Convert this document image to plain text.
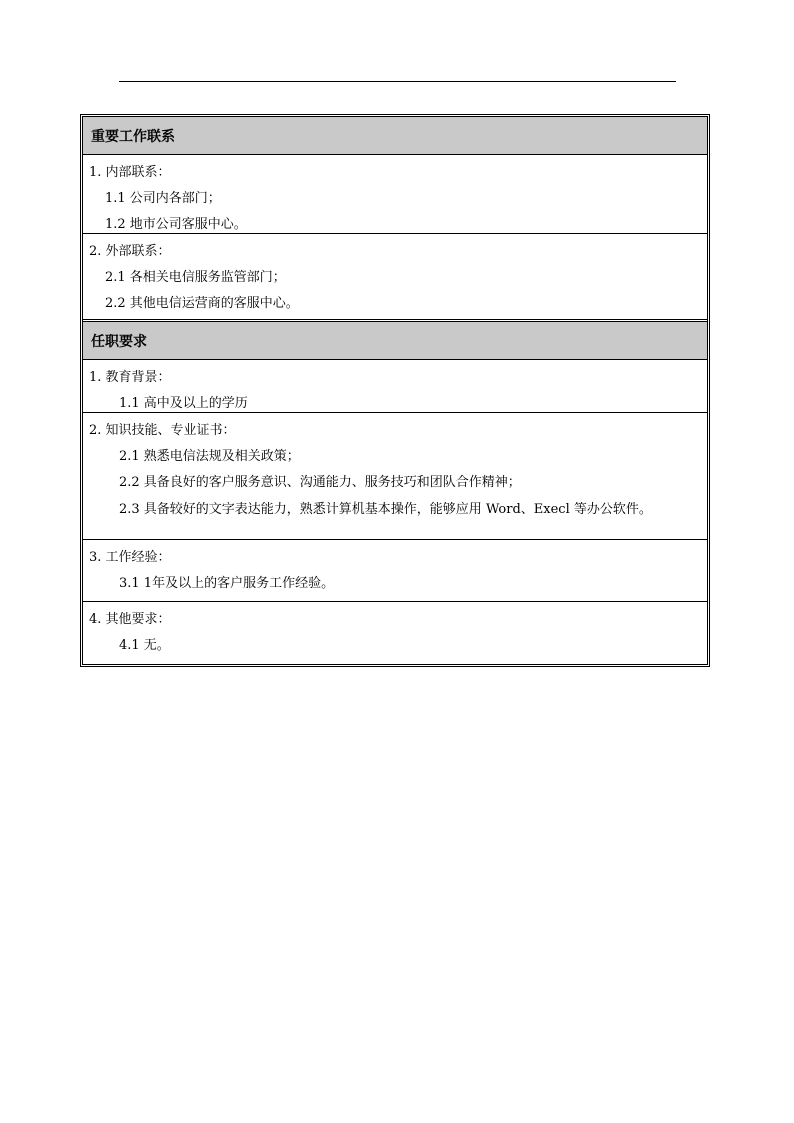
重要工作联系
1. 内部联系：
1.1 公司内各部门；
1.2 地市公司客服中心。
2. 外部联系：
2.1 各相关电信服务监管部门；
2.2 其他电信运营商的客服中心。
任职要求
1. 教育背景：
1.1 高中及以上的学历
2. 知识技能、专业证书：
2.1 熟悉电信法规及相关政策；
2.2 具备良好的客户服务意识、沟通能力、服务技巧和团队合作精神；
2.3 具备较好的文字表达能力，熟悉计算机基本操作，能够应用 Word、Execl 等办公软件。
3. 工作经验：
3.1 1年及以上的客户服务工作经验。
4. 其他要求：
4.1 无。
